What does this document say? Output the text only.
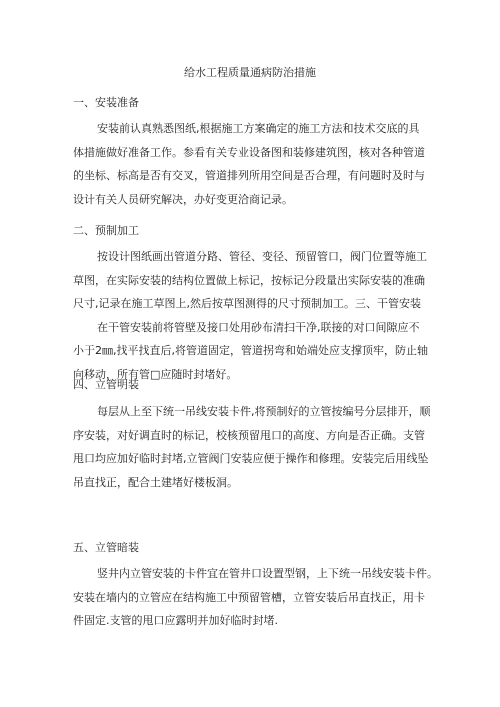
给水工程质量通病防治措施
一、安装准备
安装前认真熟悉图纸,根据施工方案确定的施工方法和技术交底的具
体措施做好准备工作。参看有关专业设备图和装修建筑图，核对各种管道
的坐标、标高是否有交叉，管道排列所用空间是否合理，有问题时及时与
设计有关人员研究解决，办好变更洽商记录。
二、预制加工
按设计图纸画出管道分路、管径、变径、预留管口，阀门位置等施工
草图，在实际安装的结构位置做上标记，按标记分段量出实际安装的准确
尺寸,记录在施工草图上,然后按草图测得的尺寸预制加工。三、干管安装
在干管安装前将管壁及接口处用砂布清扫干净,联接的对口间隙应不
小于2㎜,找平找直后,将管道固定，管道拐弯和始端处应支撑顶牢，防止轴
向移动，所有管□应随时封堵好。
四、立管明装
每层从上至下统一吊线安装卡件,将预制好的立管按编号分层排开，顺
序安装，对好调直时的标记，校核预留甩口的高度、方向是否正确。支管
甩口均应加好临时封堵,立管阀门安装应便于操作和修理。安装完后用线坠
吊直找正，配合土建堵好楼板洞。
五、立管暗装
竖井内立管安装的卡件宜在管井口设置型钢，上下统一吊线安装卡件。
安装在墙内的立管应在结构施工中预留管槽，立管安装后吊直找正，用卡
件固定.支管的甩口应露明并加好临时封堵.
